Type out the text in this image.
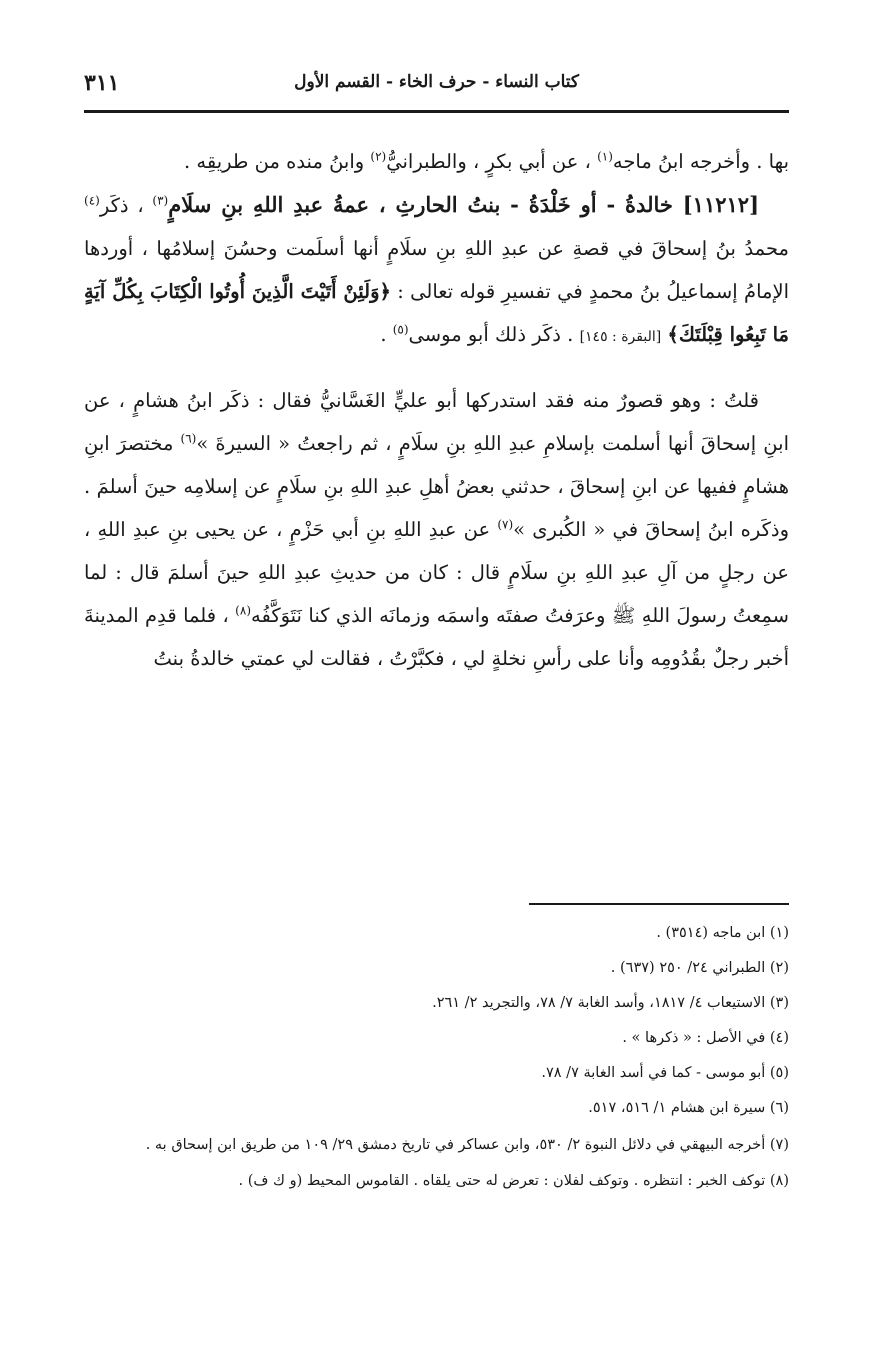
كتاب النساء - حرف الخاء - القسم الأول
٣١١

بها . وأخرجه ابنُ ماجه$^{(١)}$ ، عن أبي بكرٍ ، والطبرانيُّ$^{(٢)}$ وابنُ منده من طريقِه .

[١١٢١٢] خالدةُ - أو خَلْدَةُ - بنتُ الحارثِ ، عمةُ عبدِ اللهِ بنِ سلَامٍ$^{(٣)}$ ، ذكَر$^{(٤)}$ محمدُ بنُ إسحاقَ في قصةِ عن عبدِ اللهِ بنِ سلَامٍ أنها أسلَمت وحسُنَ إسلامُها ، أوردها الإمامُ إسماعيلُ بنُ محمدٍ في تفسيرِ قوله تعالى : ﴿وَلَئِنْ أَتَيْتَ الَّذِينَ أُوتُوا الْكِتَابَ بِكُلِّ آيَةٍ مَا تَبِعُوا قِبْلَتَكَ﴾ [البقرة : ١٤٥] . ذكَر ذلك أبو موسى$^{(٥)}$ .

قلتُ : وهو قصورٌ منه فقد استدركها أبو عليٍّ الغَسَّانيُّ فقال : ذكَر ابنُ هشامٍ ، عن ابنِ إسحاقَ أنها أسلمت بإسلامِ عبدِ اللهِ بنِ سلَامٍ ، ثم راجعتُ « السيرةَ »$^{(٦)}$ مختصرَ ابنِ هشامٍ ففيها عن ابنِ إسحاقَ ، حدثني بعضُ أهلِ عبدِ اللهِ بنِ سلَامٍ عن إسلامِه حينَ أسلمَ . وذكَره ابنُ إسحاقَ في « الكُبرى »$^{(٧)}$ عن عبدِ اللهِ بنِ أبي حَزْمٍ ، عن يحيى بنِ عبدِ اللهِ ، عن رجلٍ من آلِ عبدِ اللهِ بنِ سلَامٍ قال : كان من حديثِ عبدِ اللهِ حينَ أسلمَ قال : لما سمِعتُ رسولَ اللهِ ﷺ وعرَفتُ صفتَه واسمَه وزمانَه الذي كنا نَتَوَكَّفُه$^{(٨)}$ ، فلما قدِم المدينةَ أخبر رجلٌ بقُدُومِه وأنا على رأسِ نخلةٍ لي ، فكبَّرْتُ ، فقالت لي عمتي خالدةُ بنتُ

(١) ابن ماجه (٣٥١٤) .

(٢) الطبراني ٢٤/ ٢٥٠ (٦٣٧) .

(٣) الاستيعاب ٤/ ١٨١٧، وأسد الغابة ٧/ ٧٨، والتجريد ٢/ ٢٦١.

(٤) في الأصل : « ذكرها » .

(٥) أبو موسى - كما في أسد الغابة ٧/ ٧٨.

(٦) سيرة ابن هشام ١/ ٥١٦، ٥١٧.

(٧) أخرجه البيهقي في دلائل النبوة ٢/ ٥٣٠، وابن عساكر في تاريخ دمشق ٢٩/ ١٠٩ من طريق ابن إسحاق به .

(٨) توكف الخبر : انتظره . وتوكف لفلان : تعرض له حتى يلقاه . القاموس المحيط (و ك ف) .
